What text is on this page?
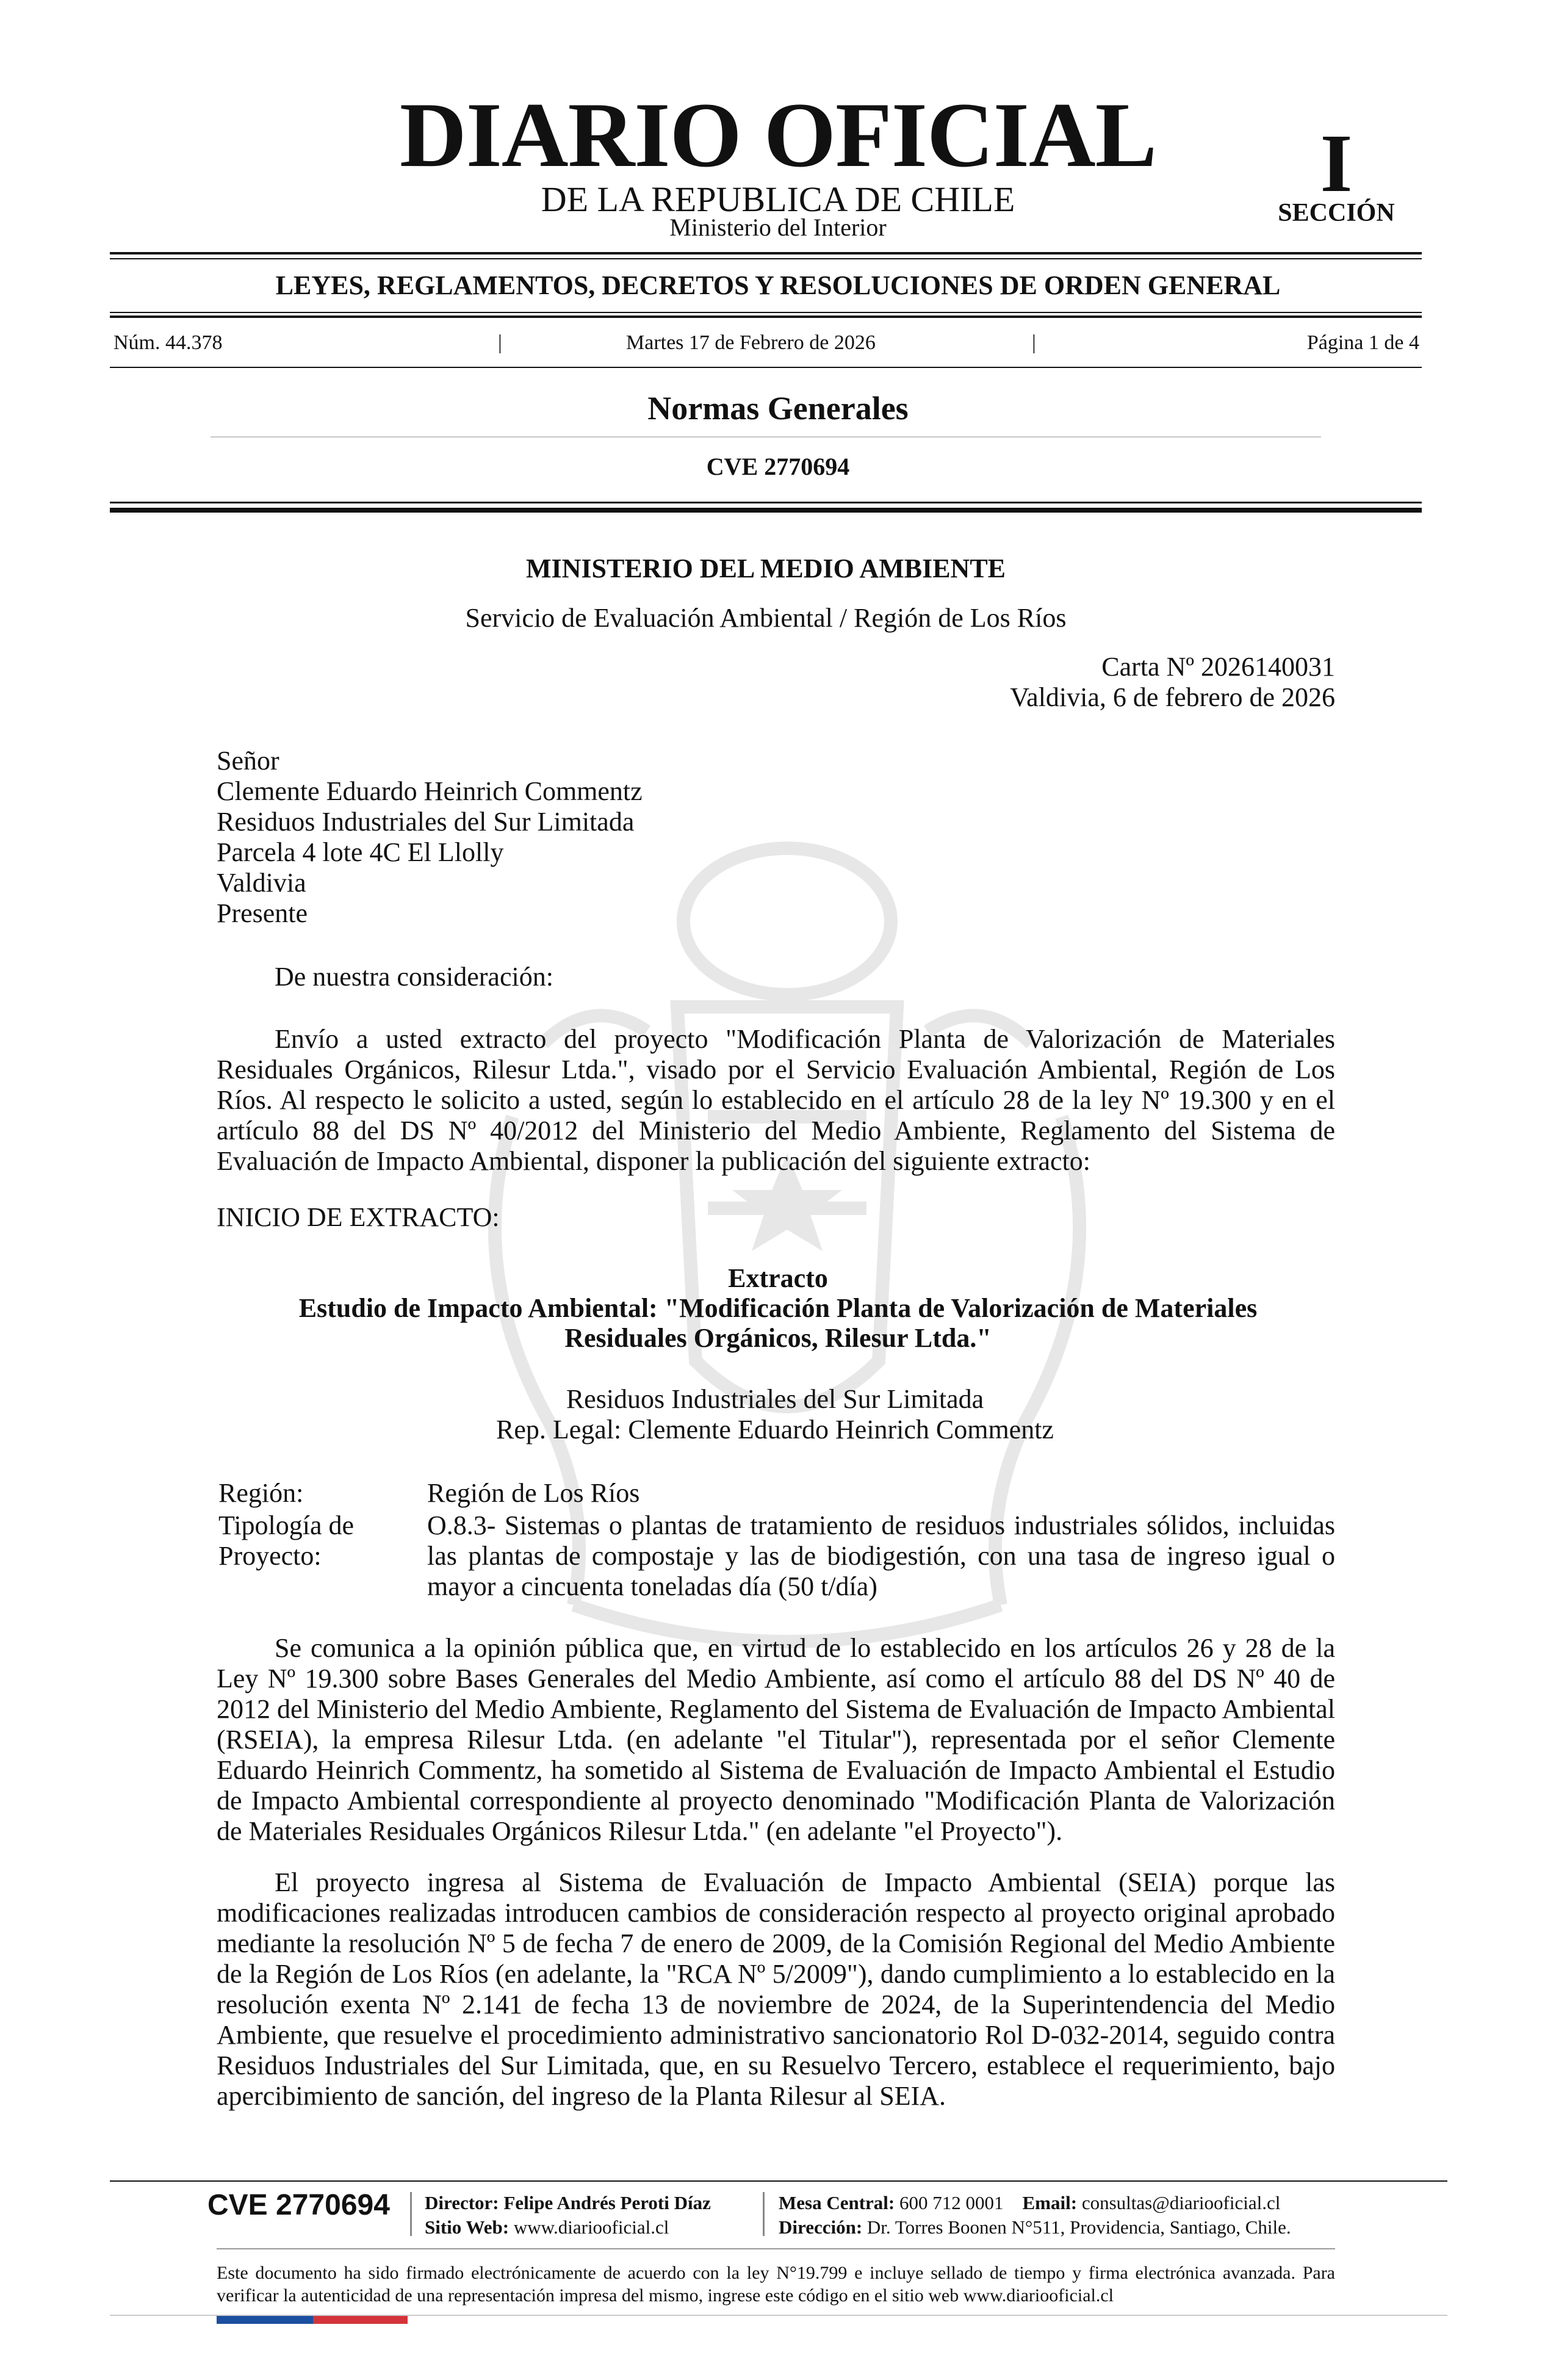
DIARIO OFICIAL
DE LA REPUBLICA DE CHILE
Ministerio del Interior
I
SECCIÓN
LEYES, REGLAMENTOS, DECRETOS Y RESOLUCIONES DE ORDEN GENERAL
Núm. 44.378	|	Martes 17 de Febrero de 2026	|	Página 1 de 4
Normas Generales
CVE 2770694
MINISTERIO DEL MEDIO AMBIENTE
Servicio de Evaluación Ambiental / Región de Los Ríos
Carta Nº 2026140031
Valdivia, 6 de febrero de 2026
Señor
Clemente Eduardo Heinrich Commentz
Residuos Industriales del Sur Limitada
Parcela 4 lote 4C El Llolly
Valdivia
Presente
De nuestra consideración:
Envío a usted extracto del proyecto "Modificación Planta de Valorización de Materiales Residuales Orgánicos, Rilesur Ltda.", visado por el Servicio Evaluación Ambiental, Región de Los Ríos. Al respecto le solicito a usted, según lo establecido en el artículo 28 de la ley Nº 19.300 y en el artículo 88 del DS Nº 40/2012 del Ministerio del Medio Ambiente, Reglamento del Sistema de Evaluación de Impacto Ambiental, disponer la publicación del siguiente extracto:
INICIO DE EXTRACTO:
Extracto
Estudio de Impacto Ambiental: "Modificación Planta de Valorización de Materiales
Residuales Orgánicos, Rilesur Ltda."
Residuos Industriales del Sur Limitada
Rep. Legal: Clemente Eduardo Heinrich Commentz
Región:	Región de Los Ríos
Tipología de
Proyecto:
O.8.3- Sistemas o plantas de tratamiento de residuos industriales sólidos, incluidas las plantas de compostaje y las de biodigestión, con una tasa de ingreso igual o mayor a cincuenta toneladas día (50 t/día)
Se comunica a la opinión pública que, en virtud de lo establecido en los artículos 26 y 28 de la Ley Nº 19.300 sobre Bases Generales del Medio Ambiente, así como el artículo 88 del DS Nº 40 de 2012 del Ministerio del Medio Ambiente, Reglamento del Sistema de Evaluación de Impacto Ambiental (RSEIA), la empresa Rilesur Ltda. (en adelante "el Titular"), representada por el señor Clemente Eduardo Heinrich Commentz, ha sometido al Sistema de Evaluación de Impacto Ambiental el Estudio de Impacto Ambiental correspondiente al proyecto denominado "Modificación Planta de Valorización de Materiales Residuales Orgánicos Rilesur Ltda." (en adelante "el Proyecto").
El proyecto ingresa al Sistema de Evaluación de Impacto Ambiental (SEIA) porque las modificaciones realizadas introducen cambios de consideración respecto al proyecto original aprobado mediante la resolución Nº 5 de fecha 7 de enero de 2009, de la Comisión Regional del Medio Ambiente de la Región de Los Ríos (en adelante, la "RCA Nº 5/2009"), dando cumplimiento a lo establecido en la resolución exenta Nº 2.141 de fecha 13 de noviembre de 2024, de la Superintendencia del Medio Ambiente, que resuelve el procedimiento administrativo sancionatorio Rol D-032-2014, seguido contra Residuos Industriales del Sur Limitada, que, en su Resuelvo Tercero, establece el requerimiento, bajo apercibimiento de sanción, del ingreso de la Planta Rilesur al SEIA.
CVE 2770694 Director: Felipe Andrés Peroti Díaz
Sitio Web: www.diariooficial.cl
Mesa Central: 600 712 0001 Email: consultas@diariooficial.cl
Dirección: Dr. Torres Boonen N°511, Providencia, Santiago, Chile.
Este documento ha sido firmado electrónicamente de acuerdo con la ley N°19.799 e incluye sellado de tiempo y firma electrónica avanzada. Para verificar la autenticidad de una representación impresa del mismo, ingrese este código en el sitio web www.diariooficial.cl
